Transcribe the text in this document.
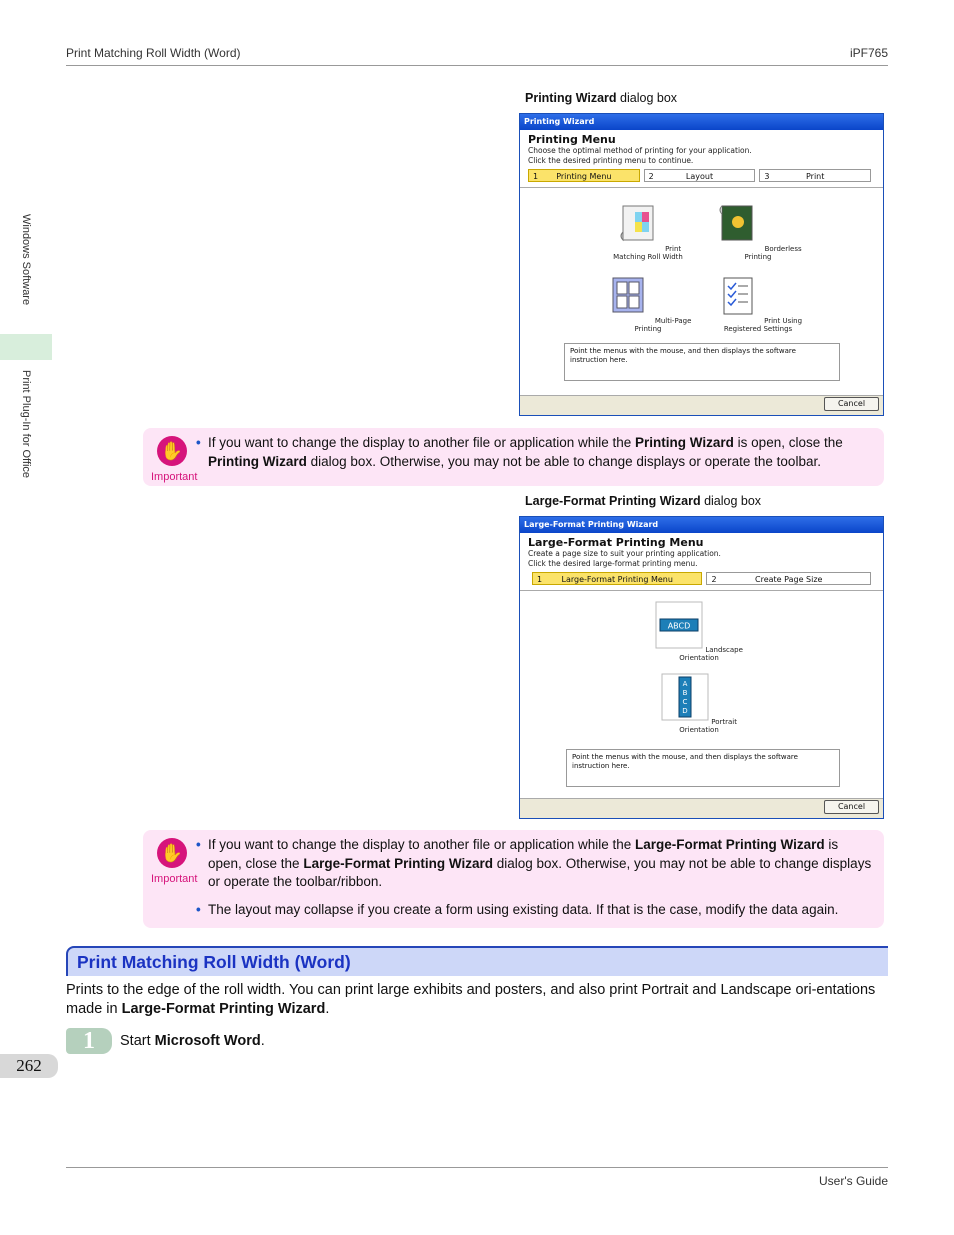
Print Matching Roll Width (Word)	iPF765
Windows Software
Print Plug-In for Office
Printing Wizard dialog box
Printing Wizard
Printing Menu

Choose the optimal method of printing for your application.

Click the desired printing menu to continue.

1	Printing Menu	2	Layout	3	Print
Print Matching Roll Width
Borderless Printing
Multi-Page Printing
Print Using Registered Settings
Point the menus with the mouse, and then displays the software instruction here.
Cancel
✋
Important
• If you want to change the display to another file or application while the Printing Wizard is open, close the Printing Wizard dialog box. Otherwise, you may not be able to change displays or operate the toolbar.
Large-Format Printing Wizard dialog box
Large-Format Printing Wizard
Large-Format Printing Menu

Create a page size to suit your printing application.

Click the desired large-format printing menu.

1	Large-Format Printing Menu	2	Create Page Size
ABCD
Landscape Orientation
A
B
C
D
Portrait Orientation
Point the menus with the mouse, and then displays the software instruction here.
Cancel
✋
Important
• If you want to change the display to another file or application while the Large-Format Printing Wizard is open, close the Large-Format Printing Wizard dialog box. Otherwise, you may not be able to change displays or operate the toolbar/ribbon.
• The layout may collapse if you create a form using existing data. If that is the case, modify the data again.
Print Matching Roll Width (Word)
Prints to the edge of the roll width. You can print large exhibits and posters, and also print Portrait and Landscape ori-entations made in Large-Format Printing Wizard.
1	Start Microsoft Word.
262
User's Guide
